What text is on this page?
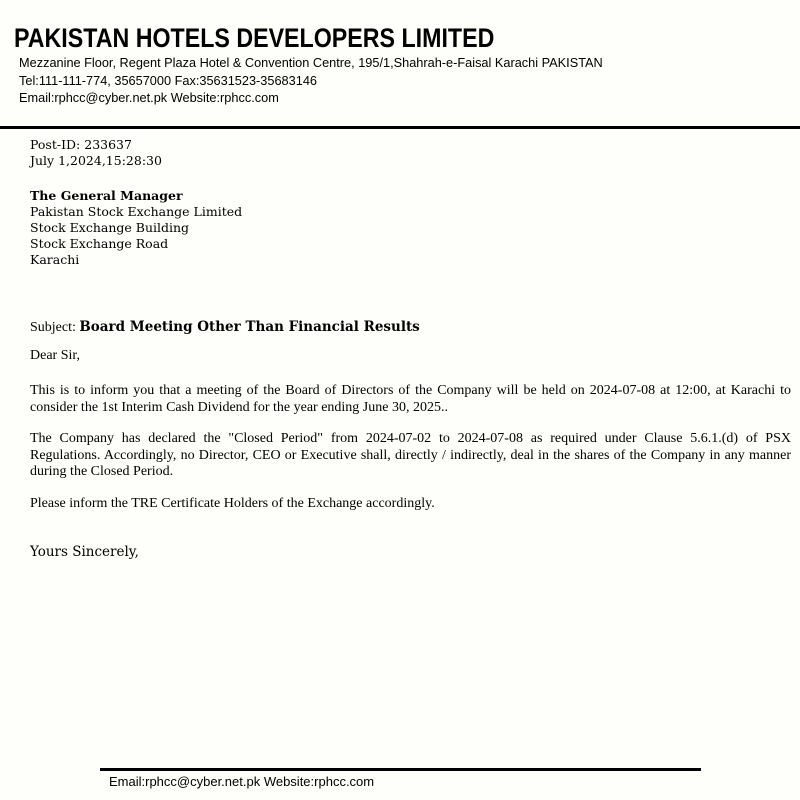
PAKISTAN HOTELS DEVELOPERS LIMITED

Mezzanine Floor, Regent Plaza Hotel & Convention Centre, 195/1,Shahrah-e-Faisal Karachi PAKISTAN

Tel:111-111-774, 35657000 Fax:35631523-35683146

Email:rphcc@cyber.net.pk Website:rphcc.com

Post-ID: 233637
July 1,2024,15:28:30
The General Manager
Pakistan Stock Exchange Limited
Stock Exchange Building
Stock Exchange Road
Karachi
Subject: Board Meeting Other Than Financial Results
Dear Sir,

This is to inform you that a meeting of the Board of Directors of the Company will be held on 2024-07-08 at 12:00, at Karachi to consider the 1st Interim Cash Dividend for the year ending June 30, 2025..

The Company has declared the "Closed Period" from 2024-07-02 to 2024-07-08 as required under Clause 5.6.1.(d) of PSX Regulations. Accordingly, no Director, CEO or Executive shall, directly / indirectly, deal in the shares of the Company in any manner during the Closed Period.

Please inform the TRE Certificate Holders of the Exchange accordingly.

Yours Sincerely,
Email:rphcc@cyber.net.pk Website:rphcc.com
